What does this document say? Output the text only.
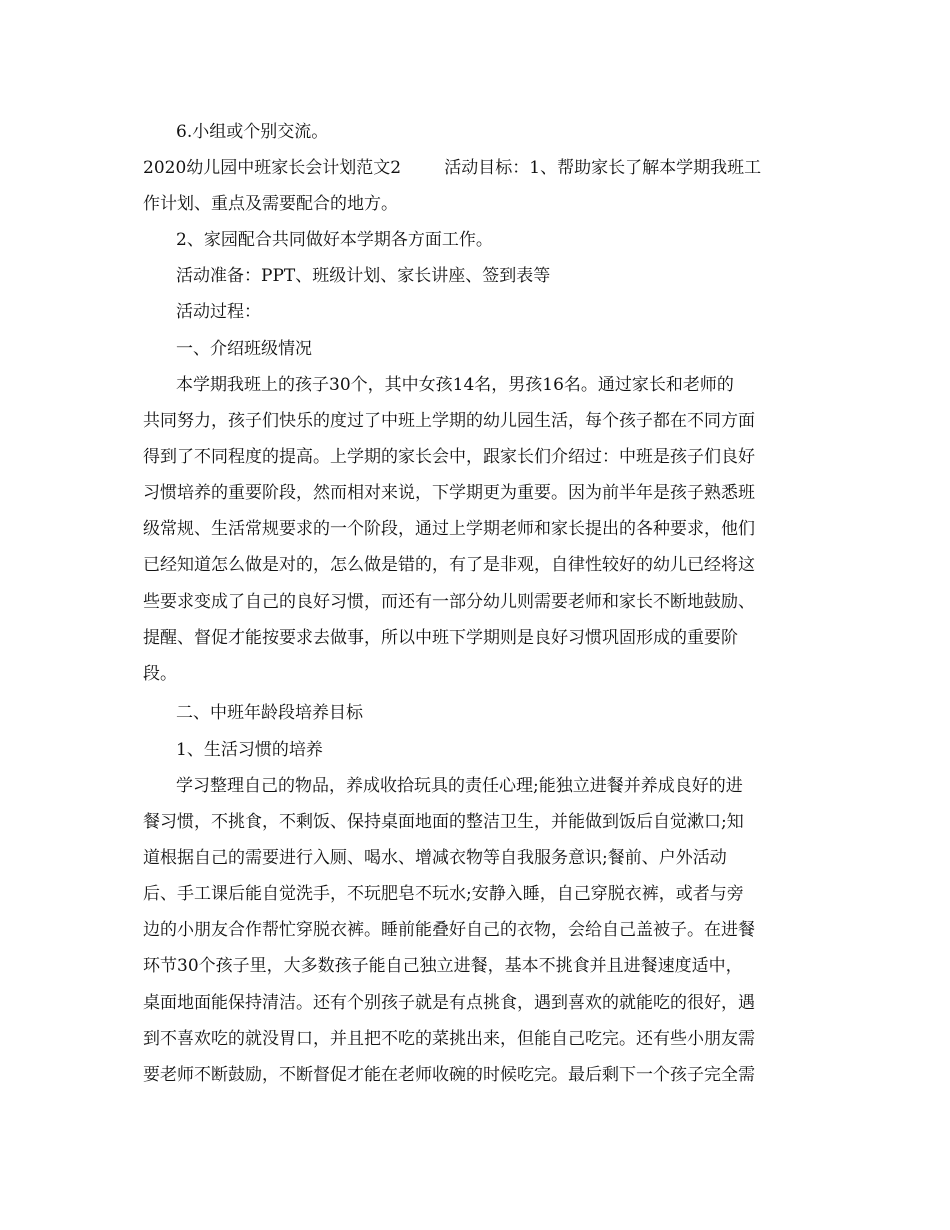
6.小组或个别交流。

2020幼儿园中班家长会计划范文2        活动目标：1、帮助家长了解本学期我班工

作计划、重点及需要配合的地方。

2、家园配合共同做好本学期各方面工作。

活动准备：PPT、班级计划、家长讲座、签到表等

活动过程：

一、介绍班级情况

本学期我班上的孩子30个，其中女孩14名，男孩16名。通过家长和老师的

共同努力，孩子们快乐的度过了中班上学期的幼儿园生活，每个孩子都在不同方面

得到了不同程度的提高。上学期的家长会中，跟家长们介绍过：中班是孩子们良好

习惯培养的重要阶段，然而相对来说，下学期更为重要。因为前半年是孩子熟悉班

级常规、生活常规要求的一个阶段，通过上学期老师和家长提出的各种要求，他们

已经知道怎么做是对的，怎么做是错的，有了是非观，自律性较好的幼儿已经将这

些要求变成了自己的良好习惯，而还有一部分幼儿则需要老师和家长不断地鼓励、

提醒、督促才能按要求去做事，所以中班下学期则是良好习惯巩固形成的重要阶

段。

二、中班年龄段培养目标

1、生活习惯的培养

学习整理自己的物品，养成收拾玩具的责任心理;能独立进餐并养成良好的进

餐习惯，不挑食，不剩饭、保持桌面地面的整洁卫生，并能做到饭后自觉漱口;知

道根据自己的需要进行入厕、喝水、增减衣物等自我服务意识;餐前、户外活动

后、手工课后能自觉洗手，不玩肥皂不玩水;安静入睡，自己穿脱衣裤，或者与旁

边的小朋友合作帮忙穿脱衣裤。睡前能叠好自己的衣物，会给自己盖被子。在进餐

环节30个孩子里，大多数孩子能自己独立进餐，基本不挑食并且进餐速度适中，

桌面地面能保持清洁。还有个别孩子就是有点挑食，遇到喜欢的就能吃的很好，遇

到不喜欢吃的就没胃口，并且把不吃的菜挑出来，但能自己吃完。还有些小朋友需

要老师不断鼓励，不断督促才能在老师收碗的时候吃完。最后剩下一个孩子完全需
